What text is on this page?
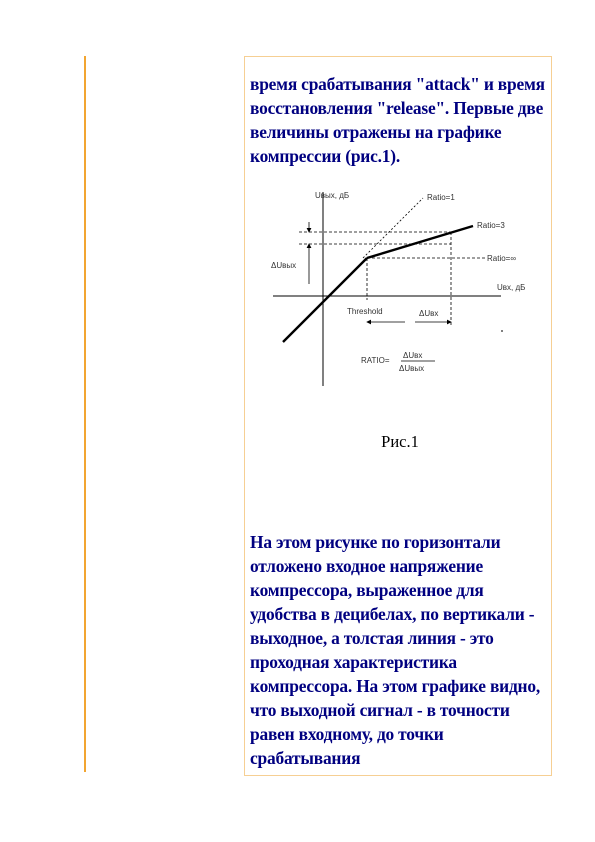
время срабатывания "attack" и время восстановления "release". Первые две величины отражены на графике компрессии (рис.1).

Uвых, дБ
Uвх, дБ
Ratio=1
Ratio=3
Ratio=∞
ΔUвых
Threshold	ΔUвх
RATIO=
ΔUвх
ΔUвых

Рис.1

На этом рисунке по горизонтали отложено входное напряжение компрессора, выраженное для удобства в децибелах, по вертикали - выходное, а толстая линия - это проходная характеристика компрессора. На этом графике видно, что выходной сигнал - в точности равен входному, до точки срабатывания
